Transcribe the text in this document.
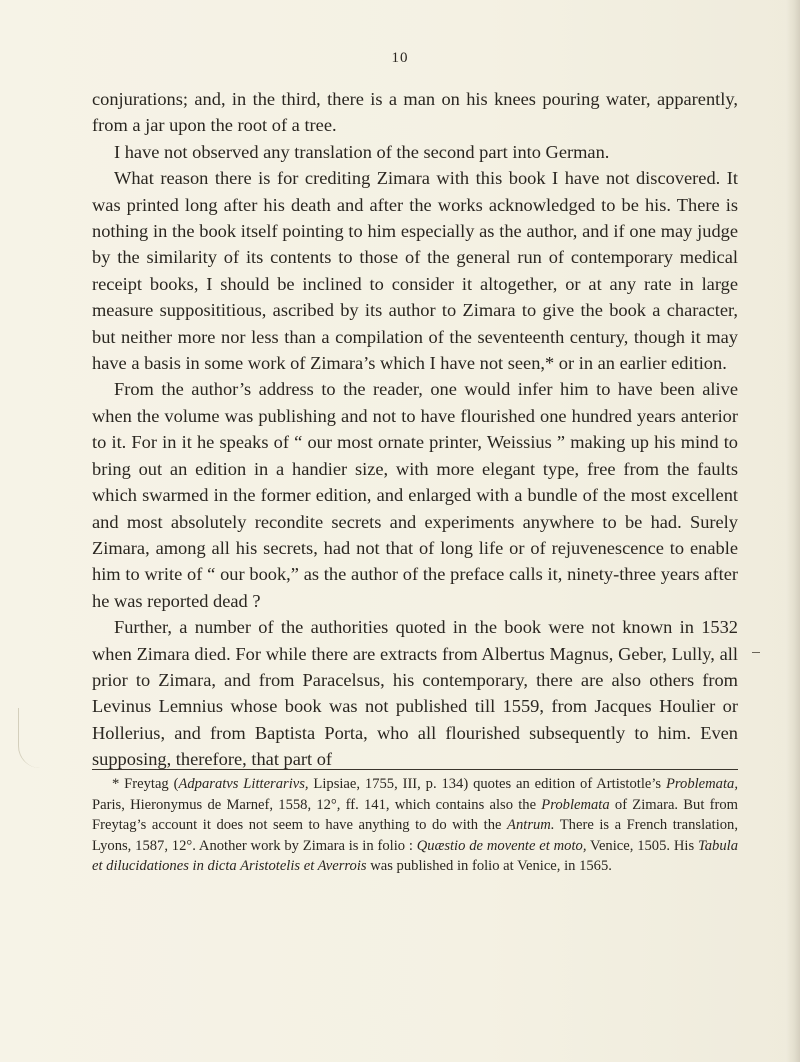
10

conjurations; and, in the third, there is a man on his knees pouring water, apparently, from a jar upon the root of a tree.

I have not observed any translation of the second part into German.

What reason there is for crediting Zimara with this book I have not discovered. It was printed long after his death and after the works acknowledged to be his. There is nothing in the book itself pointing to him especially as the author, and if one may judge by the similarity of its contents to those of the general run of contemporary medical receipt books, I should be inclined to consider it altogether, or at any rate in large measure supposititious, ascribed by its author to Zimara to give the book a character, but neither more nor less than a compilation of the seventeenth century, though it may have a basis in some work of Zimara’s which I have not seen,* or in an earlier edition.

From the author’s address to the reader, one would infer him to have been alive when the volume was publishing and not to have flourished one hundred years anterior to it. For in it he speaks of “ our most ornate printer, Weissius ” making up his mind to bring out an edition in a handier size, with more elegant type, free from the faults which swarmed in the former edition, and enlarged with a bundle of the most excellent and most absolutely recondite secrets and experiments anywhere to be had. Surely Zimara, among all his secrets, had not that of long life or of rejuvenescence to enable him to write of “ our book,” as the author of the preface calls it, ninety-three years after he was reported dead ?

Further, a number of the authorities quoted in the book were not known in 1532 when Zimara died. For while there are extracts from Albertus Magnus, Geber, Lully, all prior to Zimara, and from Paracelsus, his contemporary, there are also others from Levinus Lemnius whose book was not published till 1559, from Jacques Houlier or Hollerius, and from Baptista Porta, who all flourished subsequently to him. Even supposing, therefore, that part of

* Freytag (Adparatvs Litterarivs, Lipsiae, 1755, III, p. 134) quotes an edition of Artistotle’s Problemata, Paris, Hieronymus de Marnef, 1558, 12°, ff. 141, which contains also the Problemata of Zimara. But from Freytag’s account it does not seem to have anything to do with the Antrum. There is a French translation, Lyons, 1587, 12°. Another work by Zimara is in folio : Quæstio de movente et moto, Venice, 1505. His Tabula et dilucidationes in dicta Aristotelis et Averrois was published in folio at Venice, in 1565.
